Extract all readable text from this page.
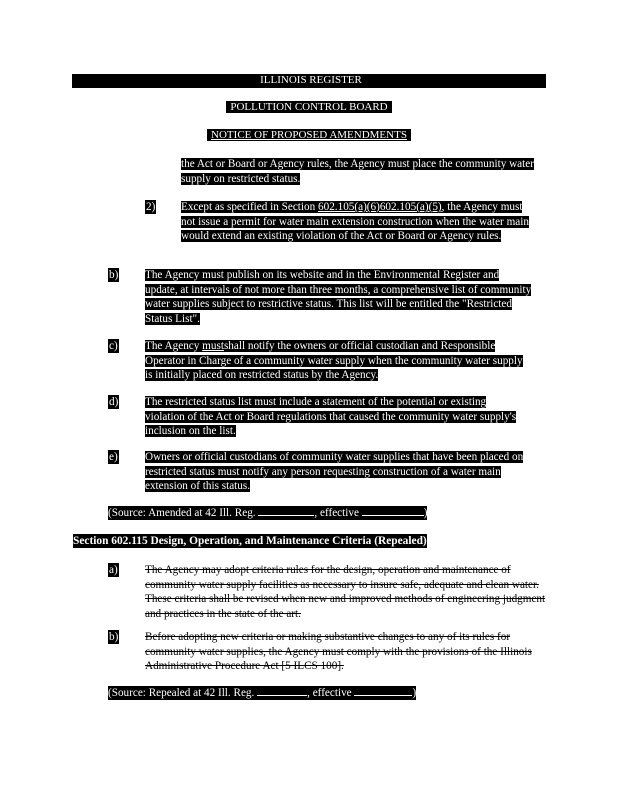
ILLINOIS REGISTER
POLLUTION CONTROL BOARD
NOTICE OF PROPOSED AMENDMENTS
the Act or Board or Agency rules, the Agency must place the community water supply on restricted status.
2) Except as specified in Section 602.105(a)(6)602.105(a)(5), the Agency must not issue a permit for water main extension construction when the water main would extend an existing violation of the Act or Board or Agency rules.
b) The Agency must publish on its website and in the Environmental Register and update, at intervals of not more than three months, a comprehensive list of community water supplies subject to restrictive status. This list will be entitled the "Restricted Status List".
c) The Agency mustshall notify the owners or official custodian and Responsible Operator in Charge of a community water supply when the community water supply is initially placed on restricted status by the Agency.
d) The restricted status list must include a statement of the potential or existing violation of the Act or Board regulations that caused the community water supply's inclusion on the list.
e) Owners or official custodians of community water supplies that have been placed on restricted status must notify any person requesting construction of a water main extension of this status.
(Source: Amended at 42 Ill. Reg.	, effective	)
Section 602.115 Design, Operation, and Maintenance Criteria (Repealed)
a) The Agency may adopt criteria rules for the design, operation and maintenance of community water supply facilities as necessary to insure safe, adequate and clean water. These criteria shall be revised when new and improved methods of engineering judgment and practices in the state of the art.
b) Before adopting new criteria or making substantive changes to any of its rules for community water supplies, the Agency must comply with the provisions of the Illinois Administrative Procedure Act [5 ILCS 100].
(Source: Repealed at 42 Ill. Reg.	, effective	)
